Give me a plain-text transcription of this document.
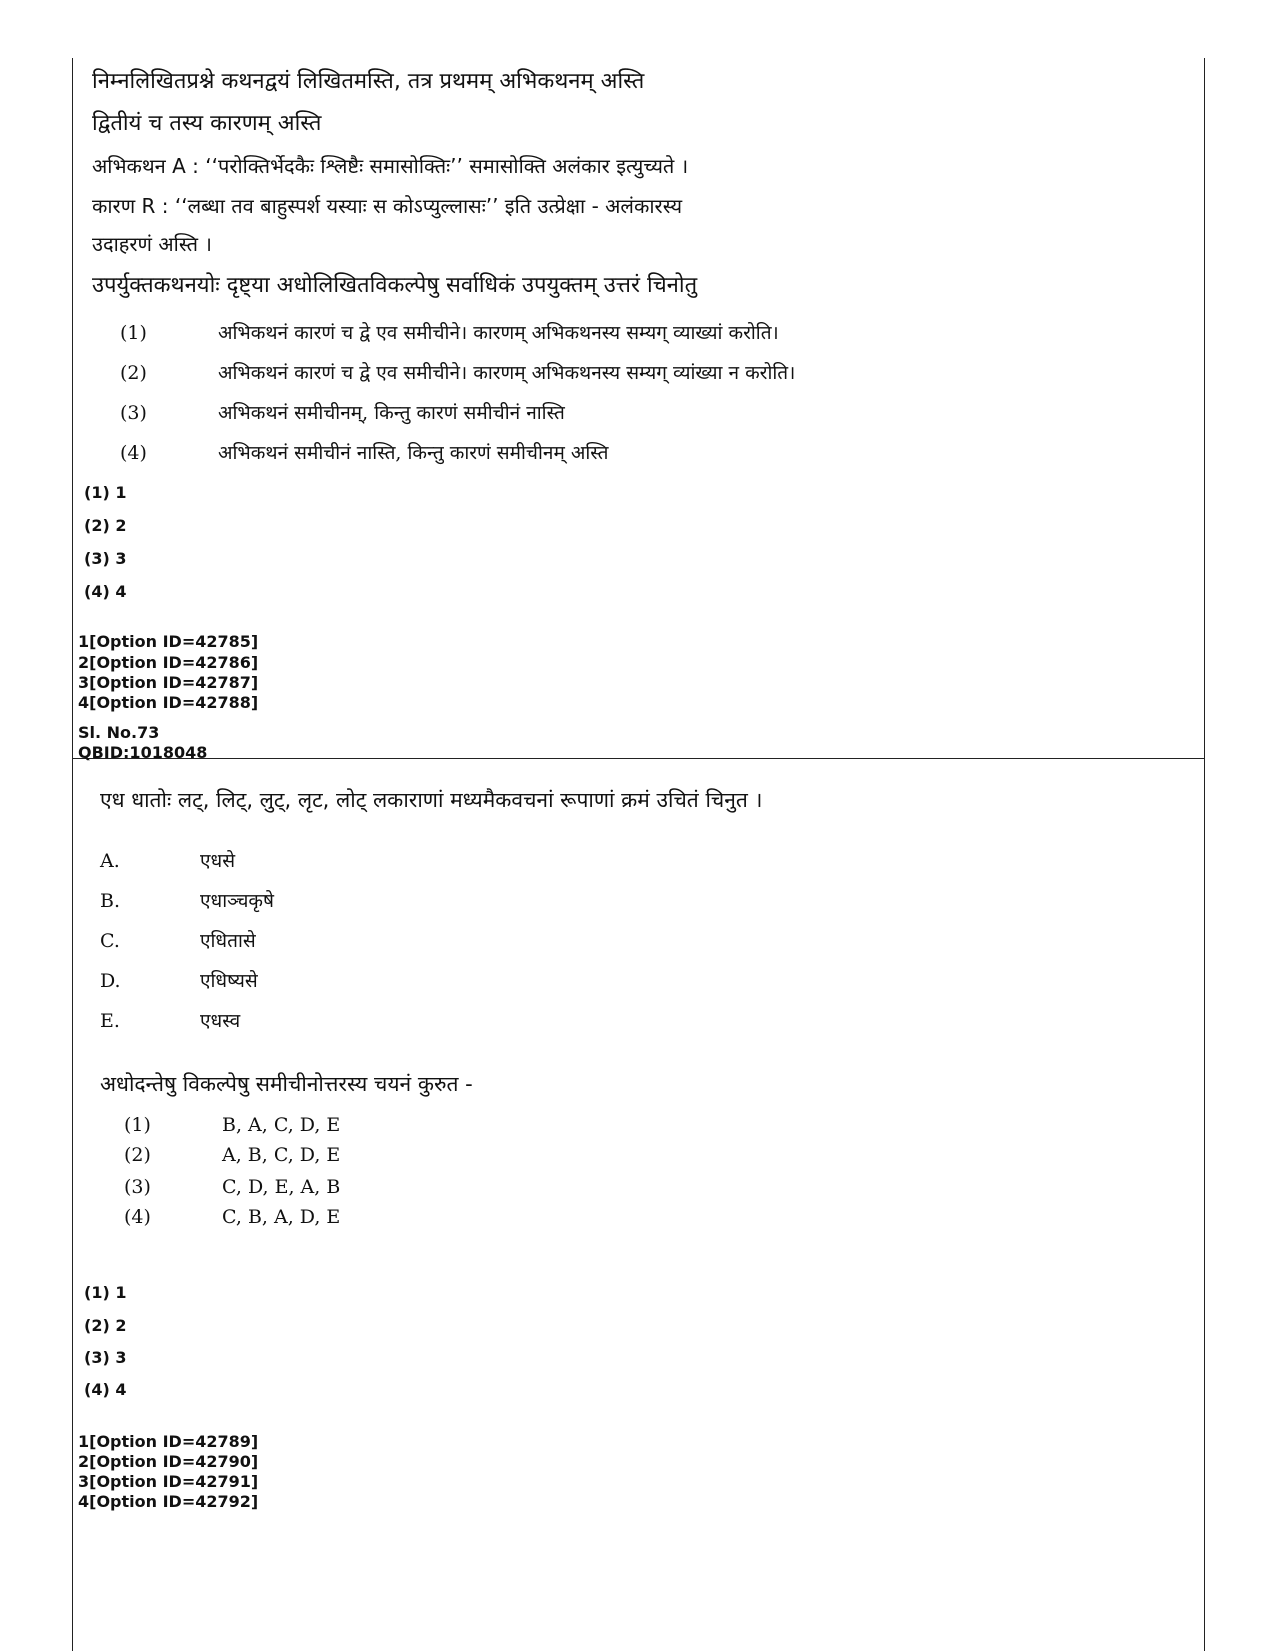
निम्नलिखितप्रश्ने कथनद्वयं लिखितमस्ति, तत्र प्रथमम् अभिकथनम् अस्ति
द्वितीयं च तस्य कारणम् अस्ति
अभिकथन A : ‘‘परोक्तिर्भेदकैः श्लिष्टैः समासोक्तिः’’ समासोक्ति अलंकार इत्युच्यते ।
कारण R : ‘‘लब्धा तव बाहुस्पर्श यस्याः स कोऽप्युल्लासः’’ इति उत्प्रेक्षा - अलंकारस्य
उदाहरणं अस्ति ।
उपर्युक्तकथनयोः दृष्ट्या अधोलिखितविकल्पेषु सर्वाधिकं उपयुक्तम् उत्तरं चिनोतु
(1)	अभिकथनं कारणं च द्वे एव समीचीने। कारणम् अभिकथनस्य सम्यग् व्याख्यां करोति।
(2)	अभिकथनं कारणं च द्वे एव समीचीने। कारणम् अभिकथनस्य सम्यग् व्यांख्या न करोति।
(3)	अभिकथनं समीचीनम्, किन्तु कारणं समीचीनं नास्ति
(4)	अभिकथनं समीचीनं नास्ति, किन्तु कारणं समीचीनम् अस्ति
(1) 1
(2) 2
(3) 3
(4) 4
1[Option ID=42785]
2[Option ID=42786]
3[Option ID=42787]
4[Option ID=42788]
Sl. No.73
QBID:1018048
एध धातोः लट्, लिट्, लुट्, लृट, लोट् लकाराणां मध्यमैकवचनां रूपाणां क्रमं उचितं चिनुत ।
A.	एधसे
B.	एधाञ्चकृषे
C.	एधितासे
D.	एधिष्यसे
E.	एधस्व
अधोदन्तेषु विकल्पेषु समीचीनोत्तरस्य चयनं कुरुत -
(1)	B, A, C, D, E
(2)	A, B, C, D, E
(3)	C, D, E, A, B
(4)	C, B, A, D, E
(1) 1
(2) 2
(3) 3
(4) 4
1[Option ID=42789]
2[Option ID=42790]
3[Option ID=42791]
4[Option ID=42792]
